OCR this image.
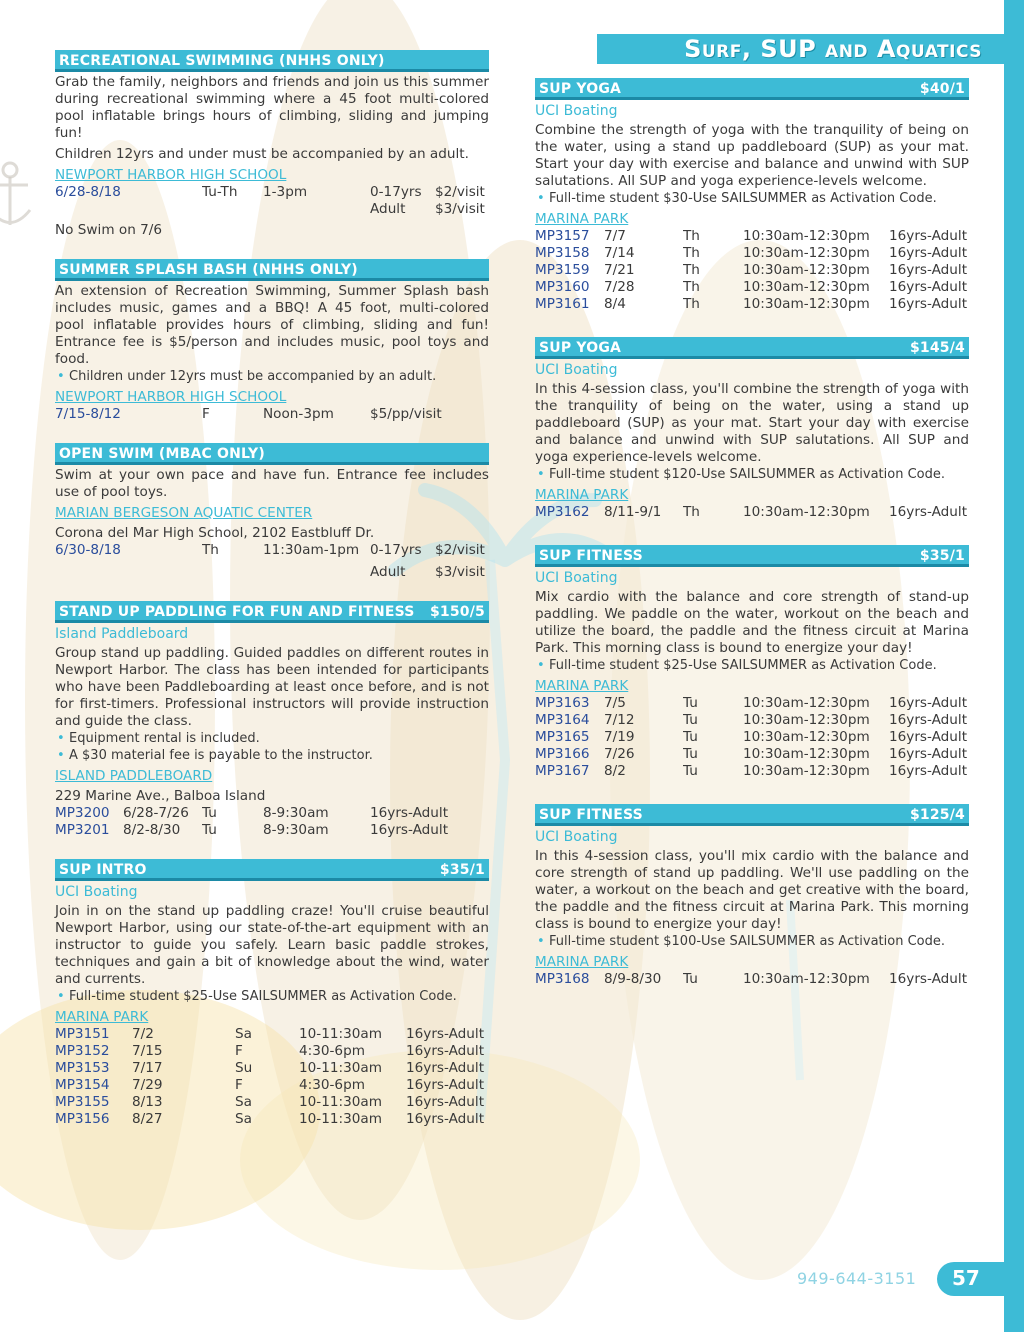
Surf, SUP and Aquatics
RECREATIONAL SWIMMING (NHHS ONLY)
Grab the family, neighbors and friends and join us this summer during recreational swimming where a 45 foot multi-colored pool inflatable brings hours of climbing, sliding and jumping fun!
Children 12yrs and under must be accompanied by an adult.
NEWPORT HARBOR HIGH SCHOOL
6/28-8/18	Tu-Th	1-3pm	0-17yrs $2/visit
Adult	$3/visit
No Swim on 7/6
SUMMER SPLASH BASH (NHHS ONLY)
An extension of Recreation Swimming, Summer Splash bash includes music, games and a BBQ! A 45 foot, multi-colored pool inflatable provides hours of climbing, sliding and fun! Entrance fee is $5/person and includes music, pool toys and food.
• Children under 12yrs must be accompanied by an adult.
NEWPORT HARBOR HIGH SCHOOL
7/15-8/12	F	Noon-3pm	$5/pp/visit
OPEN SWIM (MBAC ONLY)
Swim at your own pace and have fun. Entrance fee includes use of pool toys.
MARIAN BERGESON AQUATIC CENTER
Corona del Mar High School, 2102 Eastbluff Dr.
6/30-8/18	Th	11:30am-1pm 0-17yrs $2/visit
Adult	$3/visit
STAND UP PADDLING FOR FUN AND FITNESS $150/5
Island Paddleboard
Group stand up paddling. Guided paddles on different routes in Newport Harbor. The class has been intended for participants who have been Paddleboarding at least once before, and is not for first-timers. Professional instructors will provide instruction and guide the class.
• Equipment rental is included.
• A $30 material fee is payable to the instructor.
ISLAND PADDLEBOARD
229 Marine Ave., Balboa Island
MP3200 6/28-7/26 Tu	8-9:30am	16yrs-Adult
MP3201 8/2-8/30	Tu	8-9:30am	16yrs-Adult
SUP INTRO	$35/1
UCI Boating
Join in on the stand up paddling craze! You'll cruise beautiful Newport Harbor, using our state-of-the-art equipment with an instructor to guide you safely. Learn basic paddle strokes, techniques and gain a bit of knowledge about the wind, water and currents.
• Full-time student $25-Use SAILSUMMER as Activation Code.
MARINA PARK
MP3151	7/2	Sa	10-11:30am	16yrs-Adult
MP3152	7/15	F	4:30-6pm	16yrs-Adult
MP3153	7/17	Su	10-11:30am	16yrs-Adult
MP3154	7/29	F	4:30-6pm	16yrs-Adult
MP3155	8/13	Sa	10-11:30am	16yrs-Adult
MP3156	8/27	Sa	10-11:30am	16yrs-Adult
SUP YOGA	$40/1
UCI Boating
Combine the strength of yoga with the tranquility of being on the water, using a stand up paddleboard (SUP) as your mat. Start your day with exercise and balance and unwind with SUP salutations. All SUP and yoga experience-levels welcome.
• Full-time student $30-Use SAILSUMMER as Activation Code.
MARINA PARK
MP3157	7/7	Th	10:30am-12:30pm	16yrs-Adult
MP3158	7/14	Th	10:30am-12:30pm	16yrs-Adult
MP3159	7/21	Th	10:30am-12:30pm	16yrs-Adult
MP3160	7/28	Th	10:30am-12:30pm	16yrs-Adult
MP3161	8/4	Th	10:30am-12:30pm	16yrs-Adult
SUP YOGA	$145/4
UCI Boating
In this 4-session class, you'll combine the strength of yoga with the tranquility of being on the water, using a stand up paddleboard (SUP) as your mat. Start your day with exercise and balance and unwind with SUP salutations. All SUP and yoga experience-levels welcome.
• Full-time student $120-Use SAILSUMMER as Activation Code.
MARINA PARK
MP3162	8/11-9/1	Th	10:30am-12:30pm	16yrs-Adult
SUP FITNESS	$35/1
UCI Boating
Mix cardio with the balance and core strength of stand-up paddling. We paddle on the water, workout on the beach and utilize the board, the paddle and the fitness circuit at Marina Park. This morning class is bound to energize your day!
• Full-time student $25-Use SAILSUMMER as Activation Code.
MARINA PARK
MP3163	7/5	Tu	10:30am-12:30pm	16yrs-Adult
MP3164	7/12	Tu	10:30am-12:30pm	16yrs-Adult
MP3165	7/19	Tu	10:30am-12:30pm	16yrs-Adult
MP3166	7/26	Tu	10:30am-12:30pm	16yrs-Adult
MP3167	8/2	Tu	10:30am-12:30pm	16yrs-Adult
SUP FITNESS	$125/4
UCI Boating
In this 4-session class, you'll mix cardio with the balance and core strength of stand up paddling. We'll use paddling on the water, a workout on the beach and get creative with the board, the paddle and the fitness circuit at Marina Park. This morning class is bound to energize your day!
• Full-time student $100-Use SAILSUMMER as Activation Code.
MARINA PARK
MP3168	8/9-8/30	Tu	10:30am-12:30pm	16yrs-Adult
949-644-3151 57
